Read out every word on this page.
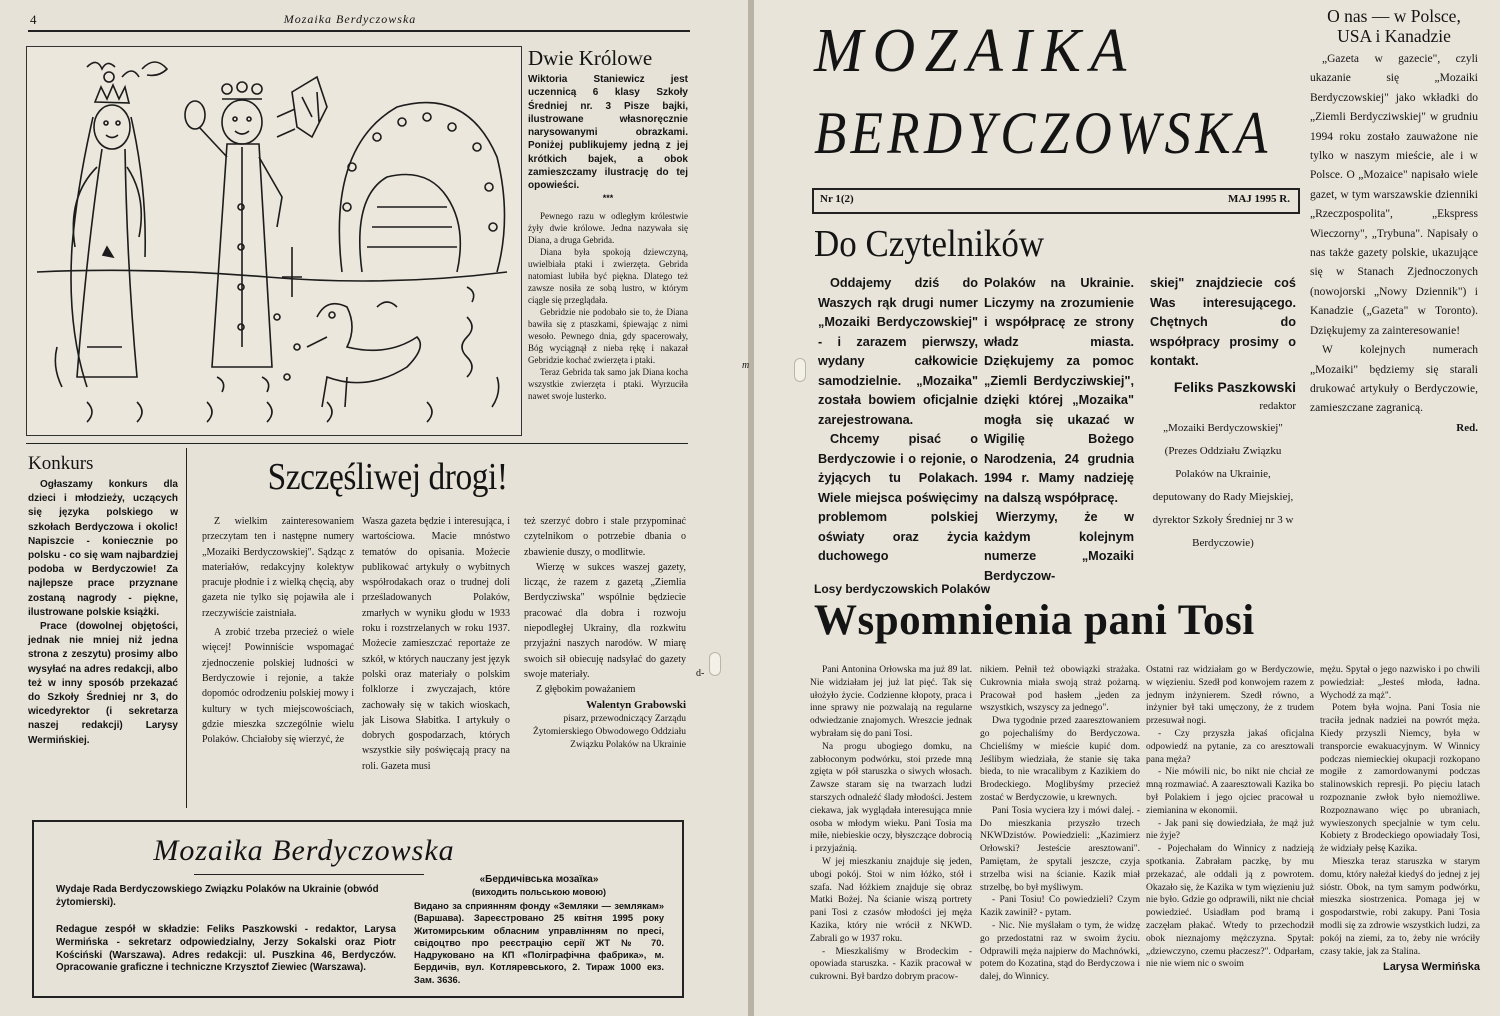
4	Mozaika Berdyczowska
Dwie Królowe

Wiktoria Staniewicz jest uczennicą 6 klasy Szkoły Średniej nr. 3 Pisze bajki, ilustrowane własnoręcznie narysowanymi obrazkami. Poniżej publikujemy jedną z jej krótkich bajek, a obok zamieszczamy ilustrację do tej opowieści.

***

Pewnego razu w odległym królestwie żyły dwie królowe. Jedna nazywała się Diana, a druga Gebrida.

Diana była spokoją dziewczyną, uwielbiała ptaki i zwierzęta. Gebrida natomiast lubiła być piękna. Dlatego też zawsze nosiła ze sobą lustro, w którym ciągle się przeglądała.

Gebridzie nie podobało sie to, że Diana bawiła się z ptaszkami, śpiewając z nimi wesoło. Pewnego dnia, gdy spacerowały, Bóg wyciągnął z nieba rękę i nakazał Gebridzie kochać zwierzęta i ptaki.

Teraz Gebrida tak samo jak Diana kocha wszystkie zwierzęta i ptaki. Wyrzuciła nawet swoje lusterko.

Konkurs

Ogłaszamy konkurs dla dzieci i młodzieży, uczących się języka polskiego w szkołach Berdyczowa i okolic! Napiszcie - koniecznie po polsku - co się wam najbardziej podoba w Berdyczowie! Za najlepsze prace przyznane zostaną nagrody - piękne, ilustrowane polskie książki.

Prace (dowolnej objętości, jednak nie mniej niż jedna strona z zeszytu) prosimy albo wysyłać na adres redakcji, albo też w inny sposób przekazać do Szkoły Średniej nr 3, do wicedyrektor (i sekretarza naszej redakcji) Larysy Wermińskiej.

Szczęśliwej drogi!

Z wielkim zainteresowaniem przeczytam ten i następne numery „Mozaiki Berdyczowskiej". Sądząc z materiałów, redakcyjny kolektyw pracuje płodnie i z wielką chęcią, aby gazeta nie tylko się pojawiła ale i rzeczywiście zaistniała.

A zrobić trzeba przecież o wiele więcej! Powinniście wspomagać zjednoczenie polskiej ludności w Berdyczowie i rejonie, a także dopomóc odrodzeniu polskiej mowy i kultury w tych miejscowościach, gdzie mieszka szczególnie wielu Polaków. Chciałoby się wierzyć, że

Wasza gazeta będzie i interesująca, i wartościowa. Macie mnóstwo tematów do opisania. Możecie publikować artykuły o wybitnych współrodakach oraz o trudnej doli prześladowanych Polaków, zmarłych w wyniku głodu w 1933 roku i rozstrzelanych w roku 1937. Możecie zamieszczać reportaże ze szkół, w których nauczany jest język polski oraz materiały o polskim folklorze i zwyczajach, które zachowały się w takich wioskach, jak Lisowa Słabitka. I artykuły o dobrych gospodarzach, których wszystkie siły poświęcają pracy na roli. Gazeta musi

też szerzyć dobro i stale przypominać czytelnikom o potrzebie dbania o zbawienie duszy, o modlitwie.

Wierzę w sukces waszej gazety, licząc, że razem z gazetą „Ziemlia Berdycziwska" wspólnie będziecie pracować dla dobra i rozwoju niepodległej Ukrainy, dla rozkwitu przyjaźni naszych narodów. W miarę swoich sił obiecuję nadsyłać do gazety swoje materiały.

Z głębokim poważaniem

Walentyn Grabowski

pisarz, przewodniczący Zarządu Żytomierskiego Obwodowego Oddziału Związku Polaków na Ukrainie

Mozaika Berdyczowska

Wydaje Rada Berdyczowskiego Związku Polaków na Ukrainie (obwód żytomierski).

Redague zespół w składzie: Feliks Paszkowski - redaktor, Larysa Wermińska - sekretarz odpowiedzialny, Jerzy Sokalski oraz Piotr Kościński (Warszawa). Adres redakcji: ul. Puszkina 46, Berdyczów. Opracowanie graficzne i techniczne Krzysztof Ziewiec (Warszawa).

«Бердичівська мозаїка»

(виходить польською мовою)

Видано за сприянням фонду «Земляки — землякам» (Варшава). Зареєстровано 25 квітня 1995 року Житомирським обласним управлінням по пресі, свідоцтво про реєстрацію серії ЖТ № 70. Надруковано на КП «Поліграфічна фабрика», м. Бердичів, вул. Котляревського, 2. Тираж 1000 екз. Зам. 3636.

MOZAIKA
BERDYCZOWSKA
Nr 1(2)	MAJ 1995 R.
O nas — w Polsce, USA i Kanadzie

„Gazeta w gazecie", czyli ukazanie się „Mozaiki Berdyczowskiej" jako wkładki do „Ziemli Berdycziwskiej" w grudniu 1994 roku zostało zauważone nie tylko w naszym mieście, ale i w Polsce. O „Mozaice" napisało wiele gazet, w tym warszawskie dzienniki „Rzeczpospolita", „Ekspress Wieczorny", „Trybuna". Napisały o nas także gazety polskie, ukazujące się w Stanach Zjednoczonych (nowojorski „Nowy Dziennik") i Kanadzie („Gazeta" w Toronto). Dziękujemy za zainteresowanie!

W kolejnych numerach „Mozaiki" będziemy się starali drukować artykuły o Berdyczowie, zamieszczane zagranicą.

Red.

Do Czytelników

Oddajemy dziś do Waszych rąk drugi numer „Mozaiki Berdyczowskiej" - i zarazem pierwszy, wydany całkowicie samodzielnie. „Mozaika" została bowiem oficjalnie zarejestrowana.

Chcemy pisać o Berdyczowie i o rejonie, o żyjących tu Polakach. Wiele miejsca poświęcimy problemom polskiej oświaty oraz życia duchowego

Polaków na Ukrainie. Liczymy na zrozumienie i współpracę ze strony władz miasta. Dziękujemy za pomoc „Ziemli Berdycziwskiej", dzięki której „Mozaika" mogła się ukazać w Wigilię Bożego Narodzenia, 24 grudnia 1994 r. Mamy nadzieję na dalszą współpracę.

Wierzymy, że w każdym kolejnym numerze „Mozaiki Berdyczow-

skiej" znajdziecie coś Was interesującego. Chętnych do współpracy prosimy o kontakt.

Feliks Paszkowski

redaktor

„Mozaiki Berdyczowskiej" (Prezes Oddziału Związku Polaków na Ukrainie, deputowany do Rady Miejskiej, dyrektor Szkoły Średniej nr 3 w Berdyczowie)

m
d-
Losy berdyczowskich Polaków
Wspomnienia pani Tosi

Pani Antonina Orłowska ma już 89 lat. Nie widziałam jej już lat pięć. Tak się ułożyło życie. Codzienne kłopoty, praca i inne sprawy nie pozwalają na regularne odwiedzanie znajomych. Wreszcie jednak wybrałam się do pani Tosi.

Na progu ubogiego domku, na zabłoconym podwórku, stoi przede mną zgięta w pół staruszka o siwych włosach. Zawsze staram się na twarzach ludzi starszych odnaleźć ślady młodości. Jestem ciekawa, jak wyglądała interesująca mnie osoba w młodym wieku. Pani Tosia ma miłe, niebieskie oczy, błyszczące dobrocią i przyjaźnią.

W jej mieszkaniu znajduje się jeden, ubogi pokój. Stoi w nim łóżko, stół i szafa. Nad łóżkiem znajduje się obraz Matki Bożej. Na ścianie wiszą portrety pani Tosi z czasów młodości jej męża Kazika, który nie wrócił z NKWD. Zabrali go w 1937 roku.

- Mieszkaliśmy w Brodeckim - opowiada staruszka. - Kazik pracował w cukrowni. Był bardzo dobrym pracow-

nikiem. Pełnił też obowiązki strażaka. Cukrownia miała swoją straż pożarną. Pracował pod hasłem „jeden za wszystkich, wszyscy za jednego".

Dwa tygodnie przed zaaresztowaniem go pojechaliśmy do Berdyczowa. Chcieliśmy w mieście kupić dom. Jeślibym wiedziała, że stanie się taka bieda, to nie wracalibym z Kazikiem do Brodeckiego. Moglibyśmy przecież zostać w Berdyczowie, u krewnych.

Pani Tosia wyciera łzy i mówi dalej. - Do mieszkania przyszło trzech NKWDzistów. Powiedzieli: „Kazimierz Orłowski? Jesteście aresztowani". Pamiętam, że spytali jeszcze, czyja strzelba wisi na ścianie. Kazik miał strzelbę, bo był myśliwym.

- Pani Tosiu! Co powiedzieli? Czym Kazik zawinił? - pytam.

- Nic. Nie myślałam o tym, że widzę go przedostatni raz w swoim życiu. Odprawili męża najpierw do Machnówki, potem do Kozatina, stąd do Berdyczowa i dalej, do Winnicy.

Ostatni raz widziałam go w Berdyczowie, w więzieniu. Szedł pod konwojem razem z jednym inżynierem. Szedł równo, a inżynier był taki umęczony, że z trudem przesuwał nogi.

- Czy przyszła jakaś oficjalna odpowiedź na pytanie, za co aresztowali pana męża?

- Nie mówili nic, bo nikt nie chciał ze mną rozmawiać. A zaaresztowali Kazika bo był Polakiem i jego ojciec pracował u ziemianina w ekonomii.

- Jak pani się dowiedziała, że mąż już nie żyje?

- Pojechałam do Winnicy z nadzieją spotkania. Zabrałam paczkę, by mu przekazać, ale oddali ją z powrotem. Okazało się, że Kazika w tym więzieniu już nie było. Gdzie go odprawili, nikt nie chciał powiedzieć. Usiadłam pod bramą i zaczęłam płakać. Wtedy to przechodził obok nieznajomy mężczyzna. Spytał: „dziewczyno, czemu płaczesz?". Odparłam, nie nie wiem nic o swoim

mężu. Spytał o jego nazwisko i po chwili powiedział: „Jesteś młoda, ładna. Wychodź za mąż".

Potem była wojna. Pani Tosia nie traciła jednak nadziei na powrót męża. Kiedy przyszli Niemcy, była w transporcie ewakuacyjnym. W Winnicy podczas niemieckiej okupacji rozkopano mogiłe z zamordowanymi podczas stalinowskich represji. Po pięciu latach rozpoznanie zwłok było niemożliwe. Rozpoznawano więc po ubraniach, wywieszonych specjalnie w tym celu. Kobiety z Brodeckiego opowiadały Tosi, że widziały pełsę Kazika.

Mieszka teraz staruszka w starym domu, który nałeżał kiedyś do jednej z jej sióstr. Obok, na tym samym podwórku, mieszka siostrzenica. Pomaga jej w gospodarstwie, robi zakupy. Pani Tosia modli się za zdrowie wszystkich ludzi, za pokój na ziemi, za to, żeby nie wróciły czasy takie, jak za Stalina.

Larysa Wermińska
